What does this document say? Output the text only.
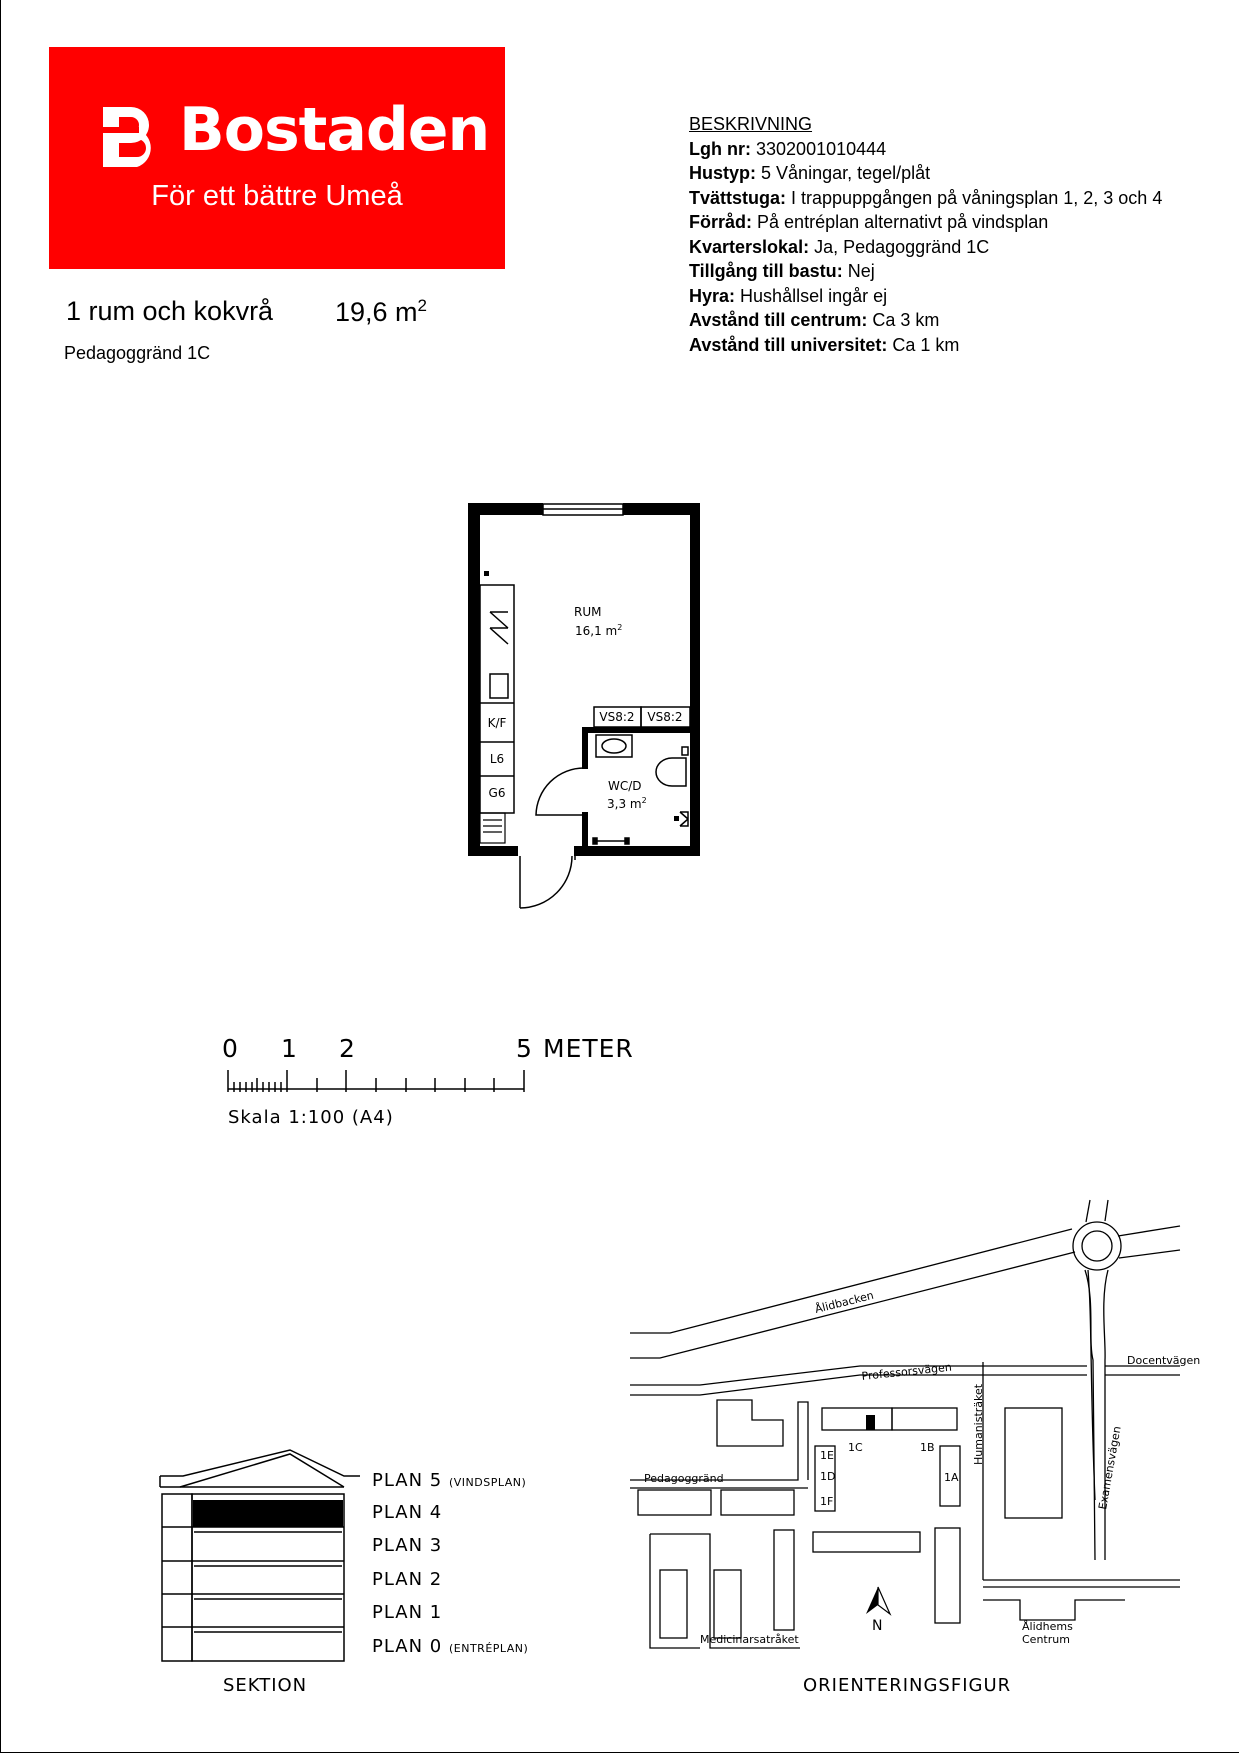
Bostaden
För ett bättre Umeå
1 rum och kokvrå 19,6 $m^2$
Pedagoggränd 1C
BESKRIVNING
Lgh nr: 3302001010444
Hustyp: 5 Våningar, tegel/plåt
Tvättstuga: I trappuppgången på våningsplan 1, 2, 3 och 4
Förråd: På entréplan alternativt på vindsplan
Kvarterslokal: Ja, Pedagoggränd 1C
Tillgång till bastu: Nej
Hyra: Hushållsel ingår ej
Avstånd till centrum: Ca 3 km
Avstånd till universitet: Ca 1 km
VS8:2 VS8:2
K/F
L6
G6
RUM
16,1 $m^2$
WC/D
3,3 $m^2$
0 1 2	5 METER
Skala 1:100 (A4)
PLAN 5 (VINDSPLAN)
PLAN 4
PLAN 3
PLAN 2
PLAN 1
PLAN 0 (ENTRÉPLAN)
SEKTION
Ålidbacken
Professorsvägen
Docentvägen
Pedagoggränd
Humanisträket
Examensvägen
Medicinarsatråket
1C	1B
1E
1D
1F
1A
Ålidhems
Centrum
N
ORIENTERINGSFIGUR
